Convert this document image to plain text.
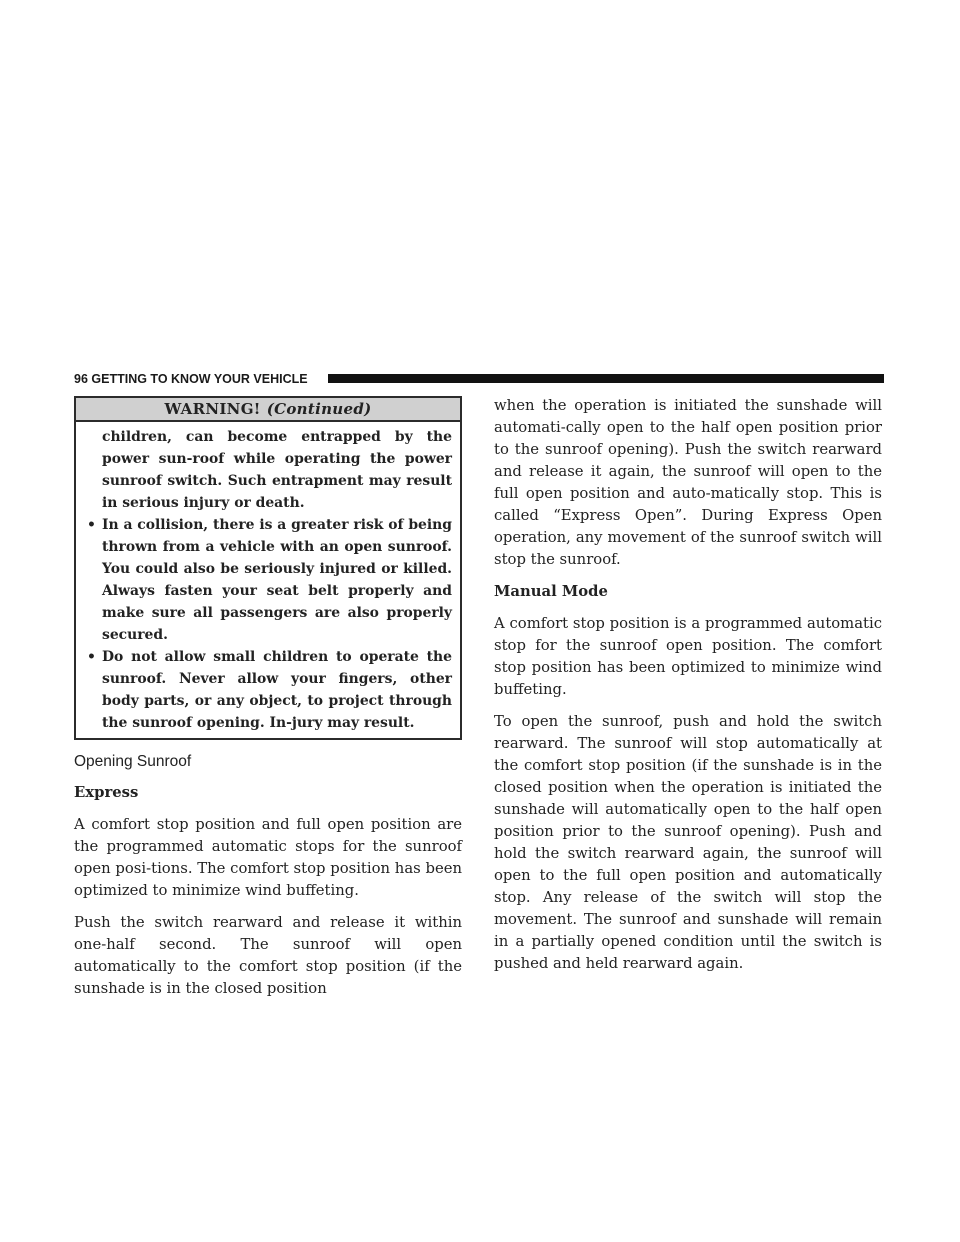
96 GETTING TO KNOW YOUR VEHICLE
WARNING! (Continued)

children, can become entrapped by the power sun-roof while operating the power sunroof switch. Such entrapment may result in serious injury or death.

• In a collision, there is a greater risk of being thrown from a vehicle with an open sunroof. You could also be seriously injured or killed. Always fasten your seat belt properly and make sure all passengers are also properly secured.
• Do not allow small children to operate the sunroof. Never allow your fingers, other body parts, or any object, to project through the sunroof opening. In-jury may result.
Opening Sunroof
Express

A comfort stop position and full open position are the programmed automatic stops for the sunroof open posi-tions. The comfort stop position has been optimized to minimize wind buffeting.

Push the switch rearward and release it within one-half second. The sunroof will open automatically to the comfort stop position (if the sunshade is in the closed position

when the operation is initiated the sunshade will automati-cally open to the half open position prior to the sunroof opening). Push the switch rearward and release it again, the sunroof will open to the full open position and auto-matically stop. This is called “Express Open”. During Express Open operation, any movement of the sunroof switch will stop the sunroof.

Manual Mode

A comfort stop position is a programmed automatic stop for the sunroof open position. The comfort stop position has been optimized to minimize wind buffeting.

To open the sunroof, push and hold the switch rearward. The sunroof will stop automatically at the comfort stop position (if the sunshade is in the closed position when the operation is initiated the sunshade will automatically open to the half open position prior to the sunroof opening). Push and hold the switch rearward again, the sunroof will open to the full open position and automatically stop. Any release of the switch will stop the movement. The sunroof and sunshade will remain in a partially opened condition until the switch is pushed and held rearward again.
